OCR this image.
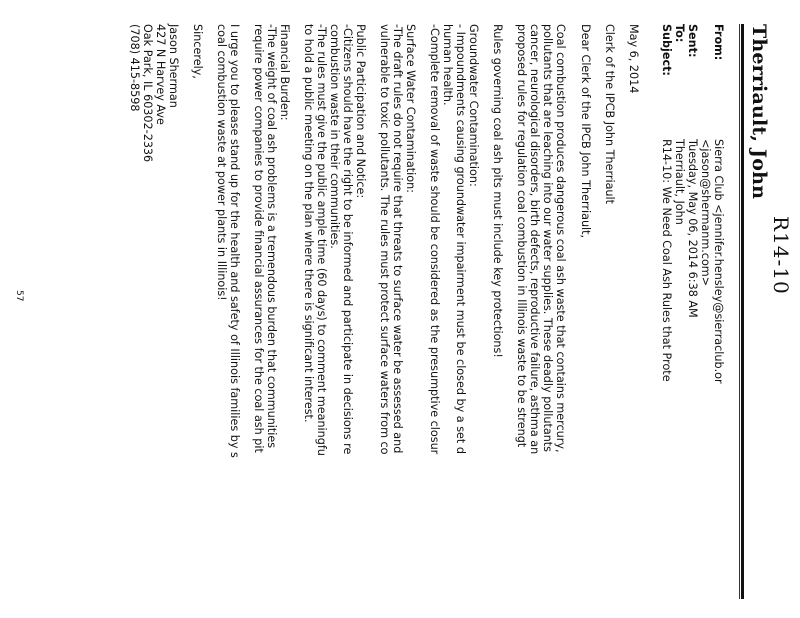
R14-10
Therriault, John
From:
Sierra Club <jennifer.hensley@sierraclub.or
<jason@shermanm.com>
Sent:
Tuesday, May 06, 2014 6:38 AM
To:
Therriault, John
Subject:
R14-10: We Need Coal Ash Rules that Prote

May 6, 2014

Clerk of the IPCB John Therriault

Dear Clerk of the IPCB John Therriault,

Coal combustion produces dangerous coal ash waste that contains mercury,

pollutants that are leaching into our water supplies. These deadly pollutants

cancer, neurological disorders, birth defects, reproductive failure, asthma an

proposed rules for regulation coal combustion in Illinois waste to be strengt

Rules governing coal ash pits must include key protections!

Groundwater Contamination:

- Impoundments causing groundwater impairment must be closed by a set d

human health.

-Complete removal of waste should be considered as the presumptive closur

Surface Water Contamination:

-The draft rules do not require that threats to surface water be assessed and

vulnerable to toxic pollutants. The rules must protect surface waters from co

Public Participation and Notice:

-Citizens should have the right to be informed and participate in decisions re

combustion waste in their communities.

-The rules must give the public ample time (60 days) to comment meaningfu

to hold a public meeting on the plan where there is significant interest.

Financial Burden:

-The weight of coal ash problems is a tremendous burden that communities

require power companies to provide financial assurances for the coal ash pit

I urge you to please stand up for the health and safety of Illinois families by s

coal combustion waste at power plants in Illinois!

Sincerely,

Jason Sherman

427 N Harvey Ave

Oak Park, IL 60302-2336

(708) 415-8598

57
